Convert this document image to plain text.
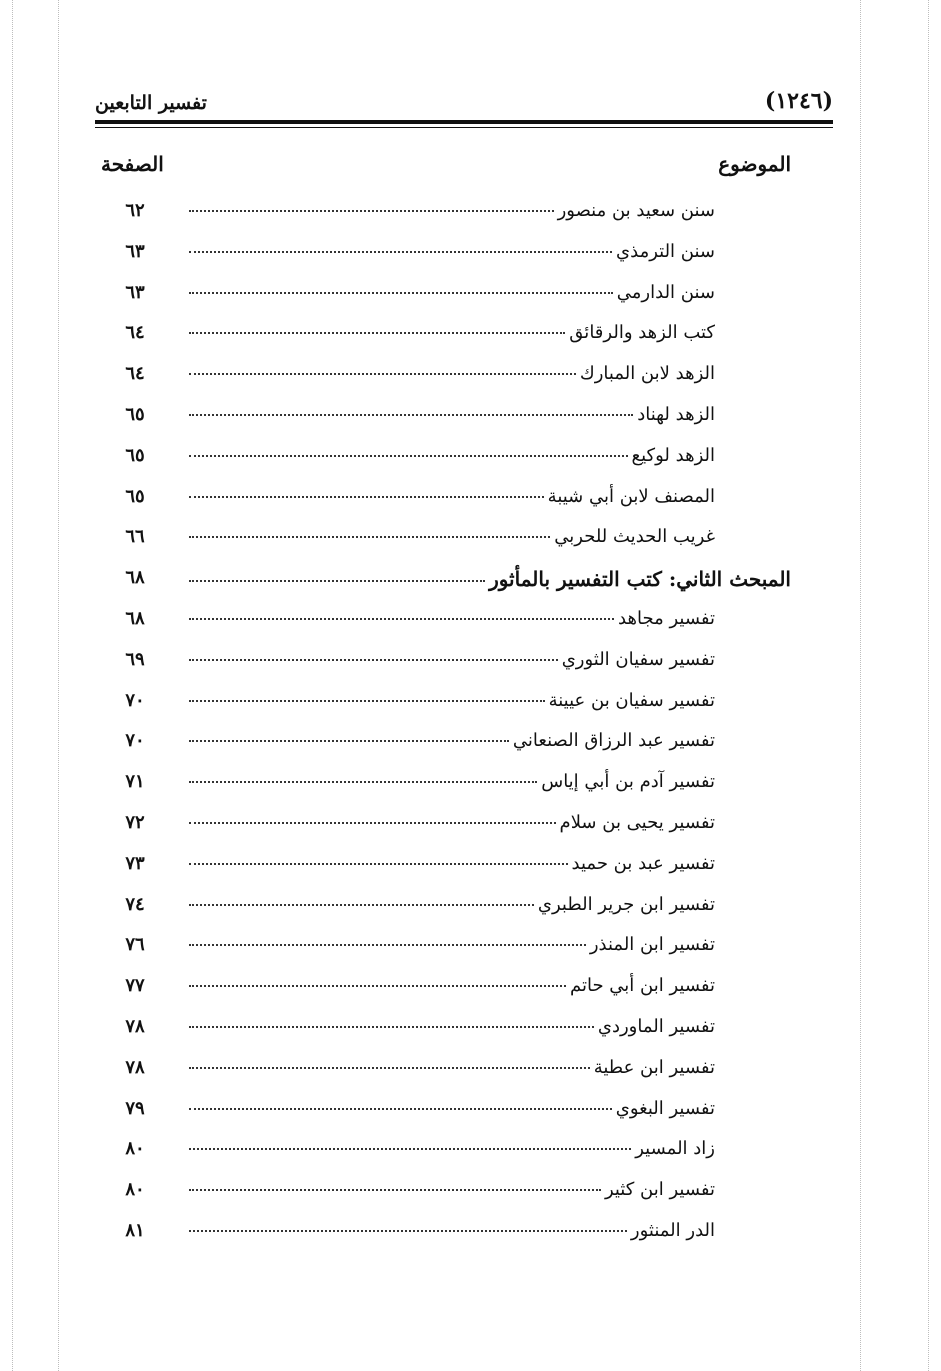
(١٢٤٦)
تفسير التابعين
الموضوع
الصفحة
سنن سعيد بن منصور
٦٢
سنن الترمذي
٦٣
سنن الدارمي
٦٣
كتب الزهد والرقائق
٦٤
الزهد لابن المبارك
٦٤
الزهد لهناد
٦٥
الزهد لوكيع
٦٥
المصنف لابن أبي شيبة
٦٥
غريب الحديث للحربي
٦٦
المبحث الثاني: كتب التفسير بالمأثور
٦٨
تفسير مجاهد
٦٨
تفسير سفيان الثوري
٦٩
تفسير سفيان بن عيينة
٧٠
تفسير عبد الرزاق الصنعاني
٧٠
تفسير آدم بن أبي إياس
٧١
تفسير يحيى بن سلام
٧٢
تفسير عبد بن حميد
٧٣
تفسير ابن جرير الطبري
٧٤
تفسير ابن المنذر
٧٦
تفسير ابن أبي حاتم
٧٧
تفسير الماوردي
٧٨
تفسير ابن عطية
٧٨
تفسير البغوي
٧٩
زاد المسير
٨٠
تفسير ابن كثير
٨٠
الدر المنثور
٨١
